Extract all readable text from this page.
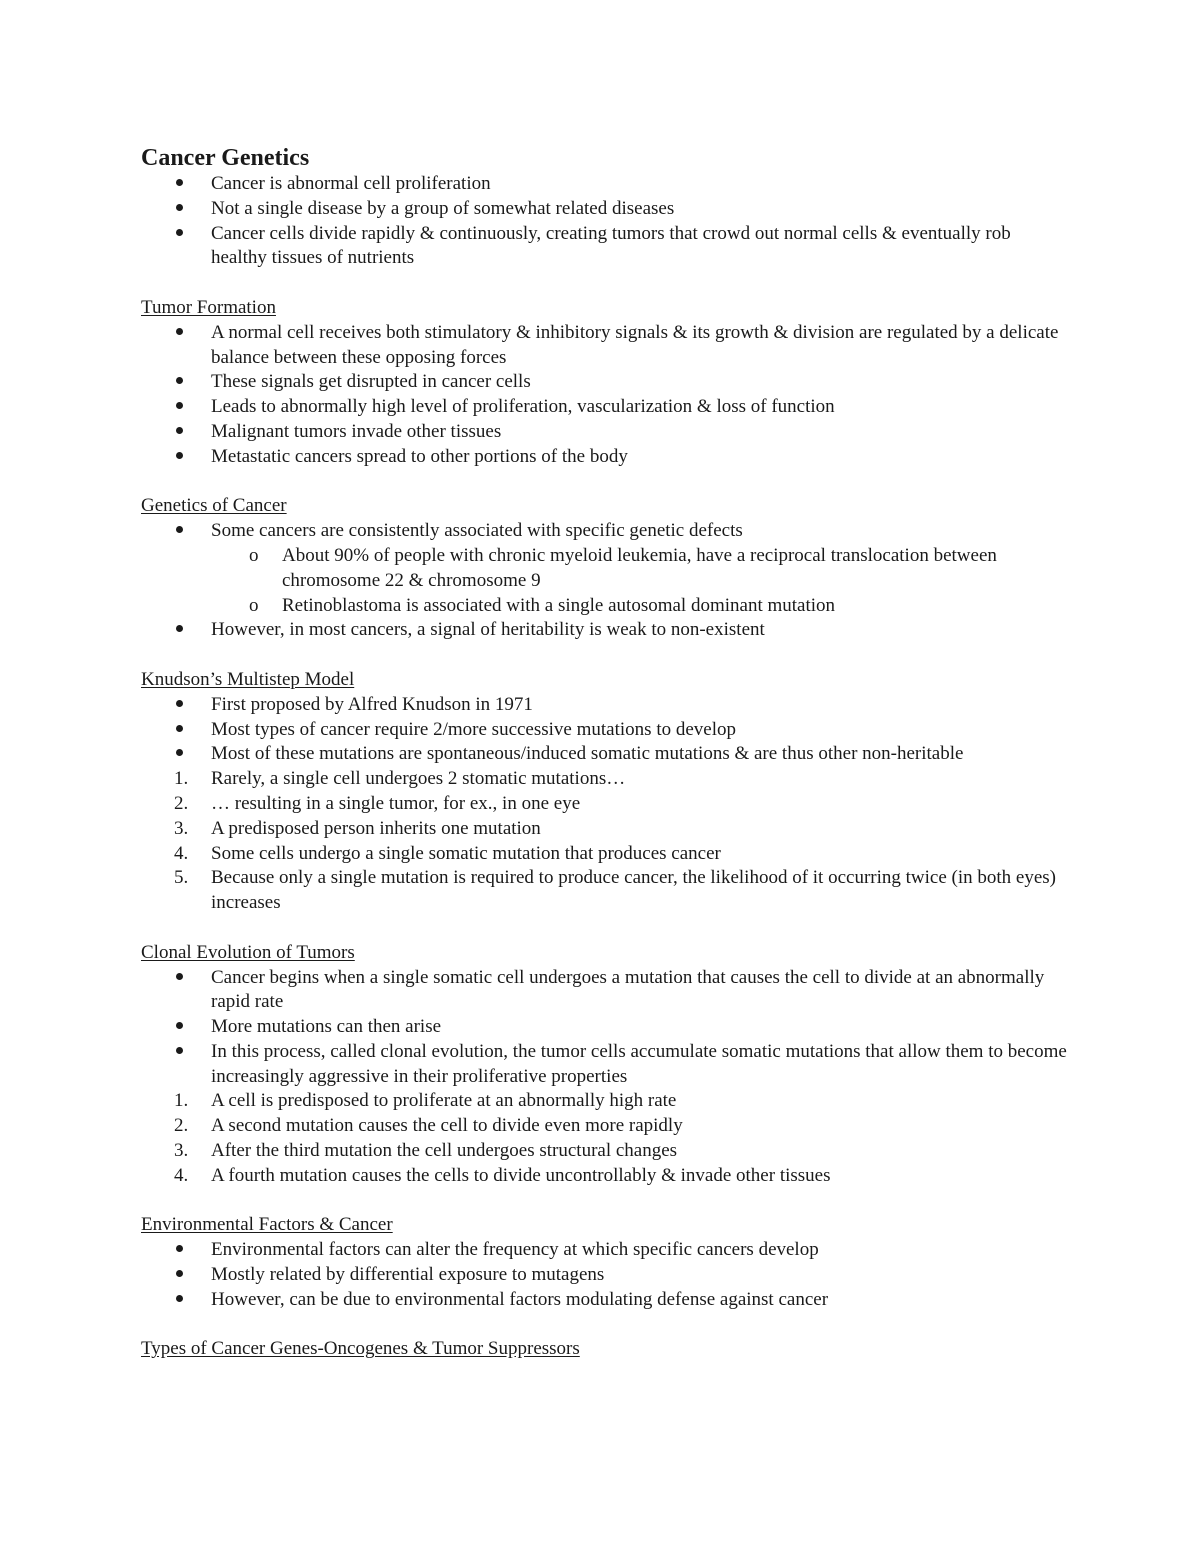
Cancer Genetics
Cancer is abnormal cell proliferation
Not a single disease by a group of somewhat related diseases
Cancer cells divide rapidly & continuously, creating tumors that crowd out normal cells & eventually rob healthy tissues of nutrients
Tumor Formation
A normal cell receives both stimulatory & inhibitory signals & its growth & division are regulated by a delicate balance between these opposing forces
These signals get disrupted in cancer cells
Leads to abnormally high level of proliferation, vascularization & loss of function
Malignant tumors invade other tissues
Metastatic cancers spread to other portions of the body
Genetics of Cancer
Some cancers are consistently associated with specific genetic defects
o	About 90% of people with chronic myeloid leukemia, have a reciprocal translocation between chromosome 22 & chromosome 9
o	Retinoblastoma is associated with a single autosomal dominant mutation
However, in most cancers, a signal of heritability is weak to non-existent
Knudson’s Multistep Model
First proposed by Alfred Knudson in 1971
Most types of cancer require 2/more successive mutations to develop
Most of these mutations are spontaneous/induced somatic mutations & are thus other non-heritable
1.	Rarely, a single cell undergoes 2 stomatic mutations…
2.	… resulting in a single tumor, for ex., in one eye
3.	A predisposed person inherits one mutation
4.	Some cells undergo a single somatic mutation that produces cancer
5.	Because only a single mutation is required to produce cancer, the likelihood of it occurring twice (in both eyes) increases
Clonal Evolution of Tumors
Cancer begins when a single somatic cell undergoes a mutation that causes the cell to divide at an abnormally rapid rate
More mutations can then arise
In this process, called clonal evolution, the tumor cells accumulate somatic mutations that allow them to become increasingly aggressive in their proliferative properties
1.	A cell is predisposed to proliferate at an abnormally high rate
2.	A second mutation causes the cell to divide even more rapidly
3.	After the third mutation the cell undergoes structural changes
4.	A fourth mutation causes the cells to divide uncontrollably & invade other tissues
Environmental Factors & Cancer
Environmental factors can alter the frequency at which specific cancers develop
Mostly related by differential exposure to mutagens
However, can be due to environmental factors modulating defense against cancer
Types of Cancer Genes-Oncogenes & Tumor Suppressors
